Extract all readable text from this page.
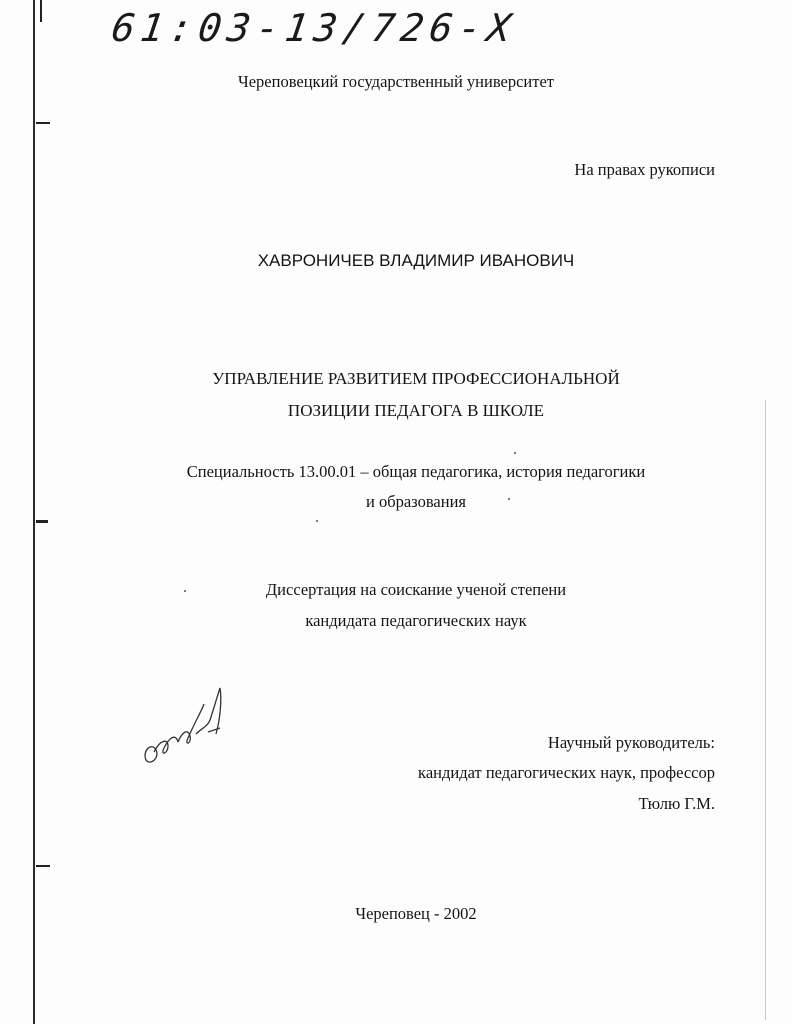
61:03-13/726-X
Череповецкий государственный университет
На правах рукописи
ХАВРОНИЧЕВ ВЛАДИМИР ИВАНОВИЧ
УПРАВЛЕНИЕ РАЗВИТИЕМ ПРОФЕССИОНАЛЬНОЙ
ПОЗИЦИИ ПЕДАГОГА В ШКОЛЕ
Специальность 13.00.01 – общая педагогика, история педагогики
и образования
Диссертация на соискание ученой степени
кандидата педагогических наук
Хавр
Научный руководитель:
кандидат педагогических наук, профессор
Тюлю Г.М.
Череповец - 2002
